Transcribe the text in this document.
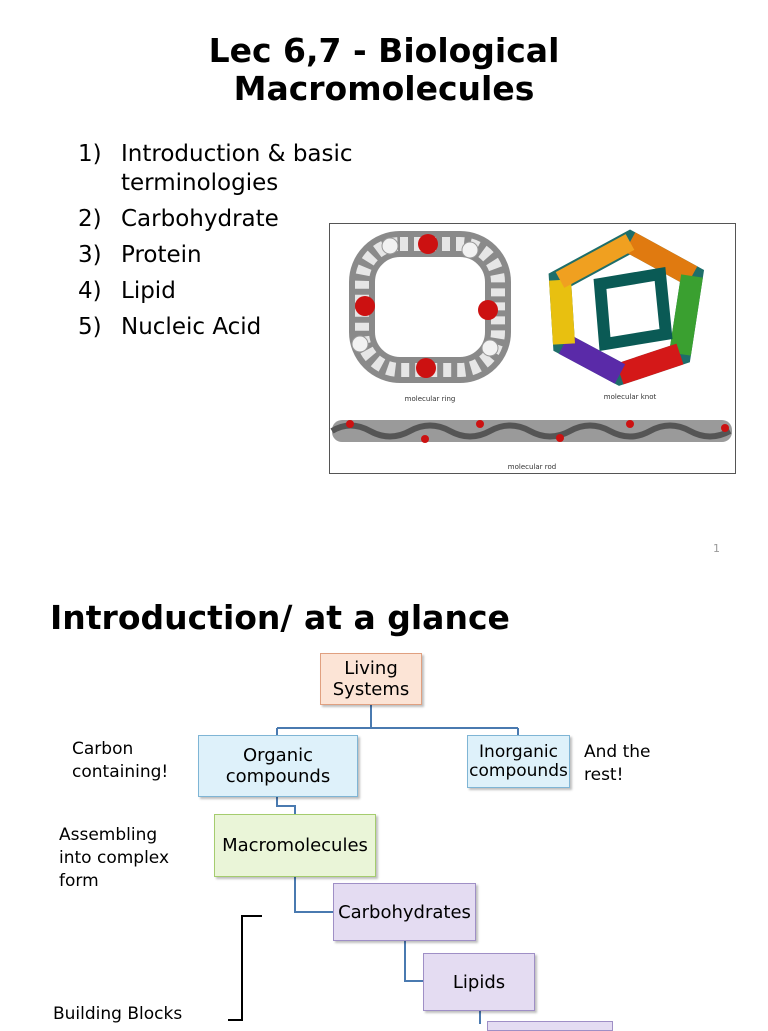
Lec 6,7 - Biological
Macromolecules
1) Introduction & basic terminologies
2) Carbohydrate
3) Protein
4) Lipid
5) Nucleic Acid
molecular ring	molecular knot
molecular rod
1
Introduction/ at a glance
Living Systems
Organic compounds
Inorganic compounds
Macromolecules
Carbohydrates
Lipids
Carbon containing!
And the rest!
Assembling into complex form
Building Blocks
